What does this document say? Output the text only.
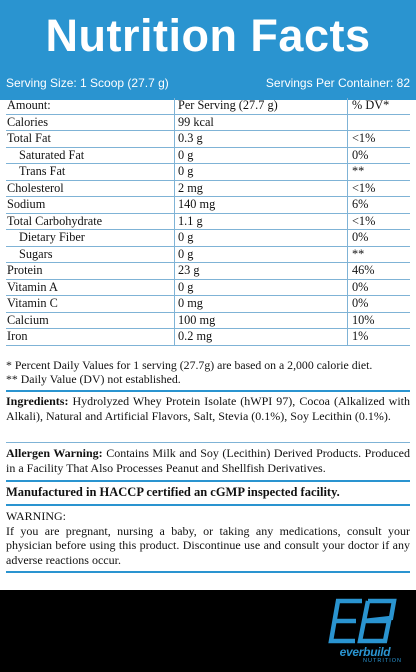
Nutrition Facts
Serving Size: 1 Scoop (27.7 g)	Servings Per Container: 82
Amount:	Per Serving (27.7 g)	% DV*
Calories	99 kcal
Total Fat	0.3 g	<1%
Saturated Fat	0 g	0%
Trans Fat	0 g	**
Cholesterol	2 mg	<1%
Sodium	140 mg	6%
Total Carbohydrate	1.1 g	<1%
Dietary Fiber	0 g	0%
Sugars	0 g	**
Protein	23 g	46%
Vitamin A	0 g	0%
Vitamin C	0 mg	0%
Calcium	100 mg	10%
Iron	0.2 mg	1%
* Percent Daily Values for 1 serving (27.7g) are based on a 2,000 calorie diet.
** Daily Value (DV) not established.
Ingredients: Hydrolyzed Whey Protein Isolate (hWPI 97), Cocoa (Alkalized with Alkali), Natural and Artificial Flavors, Salt, Stevia (0.1%), Soy Lecithin (0.1%).
Allergen Warning: Contains Milk and Soy (Lecithin) Derived Products. Produced in a Facility That Also Processes Peanut and Shellfish Derivatives.
Manufactured in HACCP certified an cGMP inspected facility.
WARNING:
If you are pregnant, nursing a baby, or taking any medications, consult your physician before using this product. Discontinue use and consult your doctor if any adverse reactions occur.
everbuild
NUTRITION
